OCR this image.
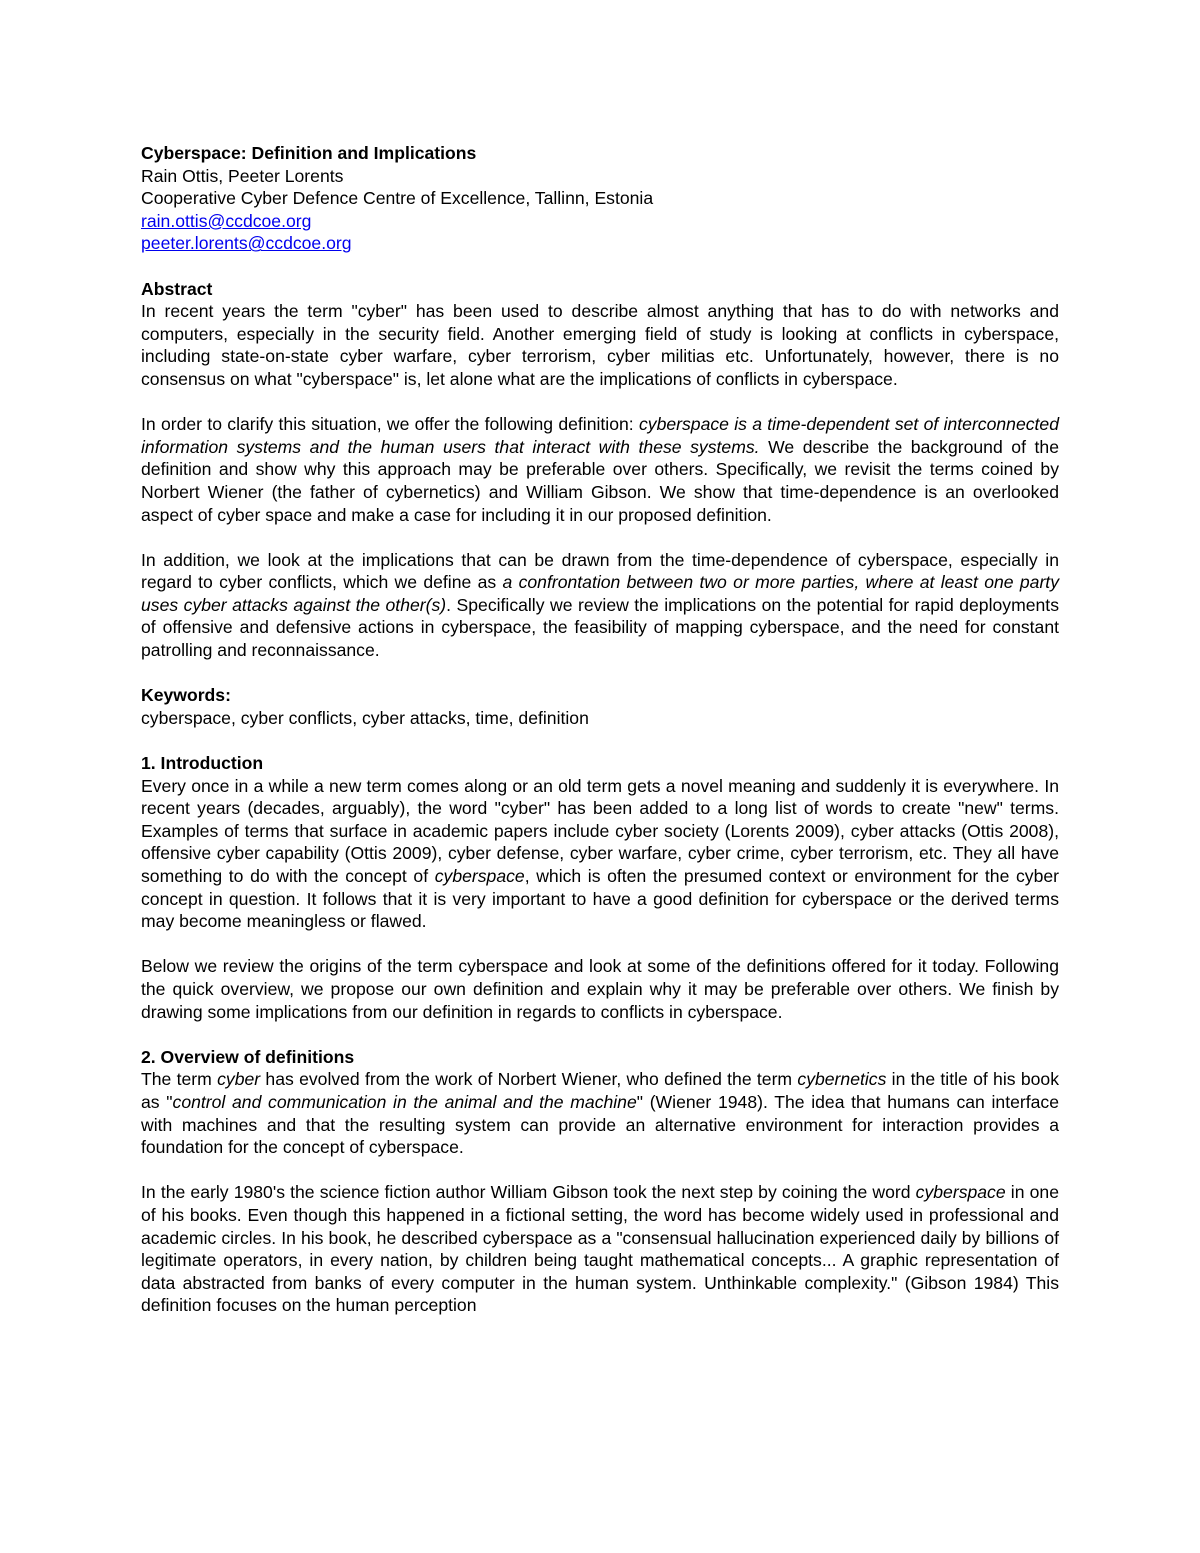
Cyberspace: Definition and Implications

Rain Ottis, Peeter Lorents

Cooperative Cyber Defence Centre of Excellence, Tallinn, Estonia

rain.ottis@ccdcoe.org

peeter.lorents@ccdcoe.org

Abstract

In recent years the term "cyber" has been used to describe almost anything that has to do with networks and computers, especially in the security field. Another emerging field of study is looking at conflicts in cyberspace, including state-on-state cyber warfare, cyber terrorism, cyber militias etc. Unfortunately, however, there is no consensus on what "cyberspace" is, let alone what are the implications of conflicts in cyberspace.

In order to clarify this situation, we offer the following definition: cyberspace is a time-dependent set of interconnected information systems and the human users that interact with these systems. We describe the background of the definition and show why this approach may be preferable over others. Specifically, we revisit the terms coined by Norbert Wiener (the father of cybernetics) and William Gibson. We show that time-dependence is an overlooked aspect of cyber space and make a case for including it in our proposed definition.

In addition, we look at the implications that can be drawn from the time-dependence of cyberspace, especially in regard to cyber conflicts, which we define as a confrontation between two or more parties, where at least one party uses cyber attacks against the other(s). Specifically we review the implications on the potential for rapid deployments of offensive and defensive actions in cyberspace, the feasibility of mapping cyberspace, and the need for constant patrolling and reconnaissance.

Keywords:

cyberspace, cyber conflicts, cyber attacks, time, definition

1. Introduction

Every once in a while a new term comes along or an old term gets a novel meaning and suddenly it is everywhere. In recent years (decades, arguably), the word "cyber" has been added to a long list of words to create "new" terms. Examples of terms that surface in academic papers include cyber society (Lorents 2009), cyber attacks (Ottis 2008), offensive cyber capability (Ottis 2009), cyber defense, cyber warfare, cyber crime, cyber terrorism, etc. They all have something to do with the concept of cyberspace, which is often the presumed context or environment for the cyber concept in question. It follows that it is very important to have a good definition for cyberspace or the derived terms may become meaningless or flawed.

Below we review the origins of the term cyberspace and look at some of the definitions offered for it today. Following the quick overview, we propose our own definition and explain why it may be preferable over others. We finish by drawing some implications from our definition in regards to conflicts in cyberspace.

2. Overview of definitions

The term cyber has evolved from the work of Norbert Wiener, who defined the term cybernetics in the title of his book as "control and communication in the animal and the machine" (Wiener 1948). The idea that humans can interface with machines and that the resulting system can provide an alternative environment for interaction provides a foundation for the concept of cyberspace.

In the early 1980's the science fiction author William Gibson took the next step by coining the word cyberspace in one of his books. Even though this happened in a fictional setting, the word has become widely used in professional and academic circles. In his book, he described cyberspace as a "consensual hallucination experienced daily by billions of legitimate operators, in every nation, by children being taught mathematical concepts... A graphic representation of data abstracted from banks of every computer in the human system. Unthinkable complexity." (Gibson 1984) This definition focuses on the human perception
